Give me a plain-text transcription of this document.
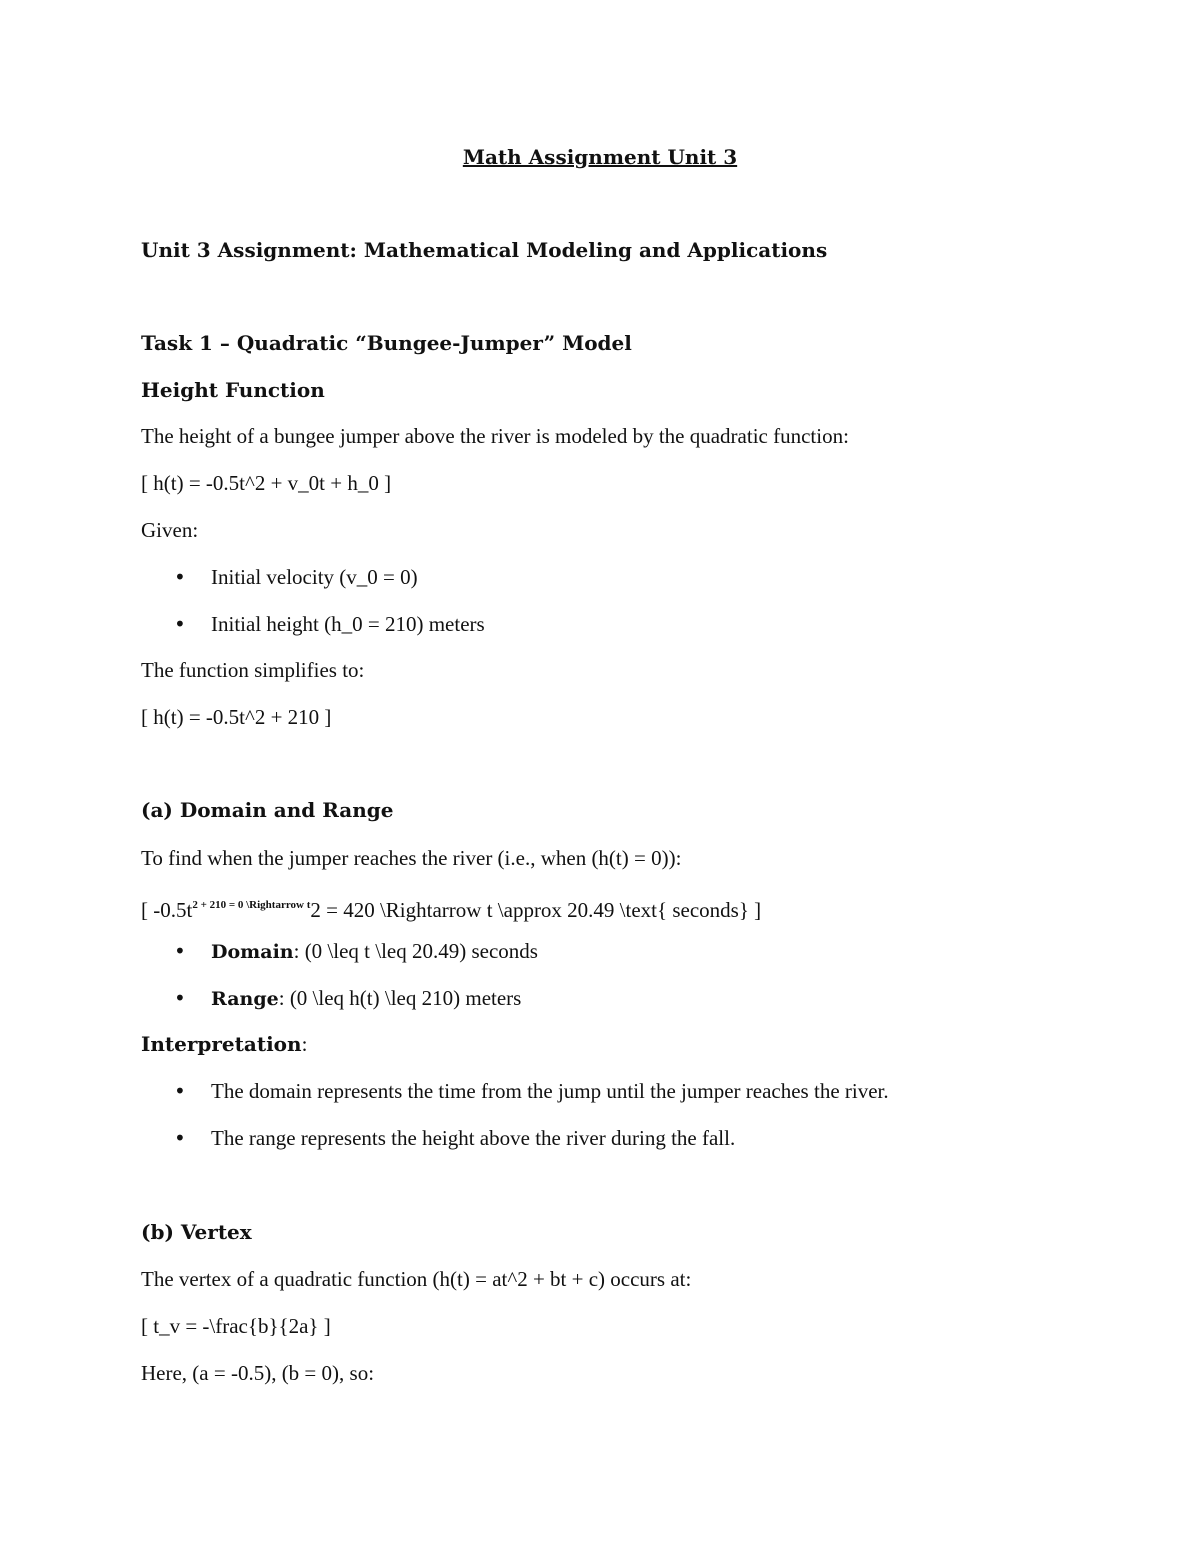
Math Assignment Unit 3
Unit 3 Assignment: Mathematical Modeling and Applications
Task 1 – Quadratic “Bungee-Jumper” Model
Height Function
The height of a bungee jumper above the river is modeled by the quadratic function:
[ h(t) = -0.5t^2 + v_0t + h_0 ]
Given:
• Initial velocity (v_0 = 0)
• Initial height (h_0 = 210) meters
The function simplifies to:
[ h(t) = -0.5t^2 + 210 ]
(a) Domain and Range
To find when the jumper reaches the river (i.e., when (h(t) = 0)):
[ $-0.5t^{2 + 210 = 0 \backslash Rightarrow t}2 = 420$ \Rightarrow t \approx 20.49 \text{ seconds} ]
• Domain: (0 \leq t \leq 20.49) seconds
• Range: (0 \leq h(t) \leq 210) meters
Interpretation:
• The domain represents the time from the jump until the jumper reaches the river.
• The range represents the height above the river during the fall.
(b) Vertex
The vertex of a quadratic function (h(t) = at^2 + bt + c) occurs at:
[ t_v = -\frac{b}{2a} ]
Here, (a = -0.5), (b = 0), so:
